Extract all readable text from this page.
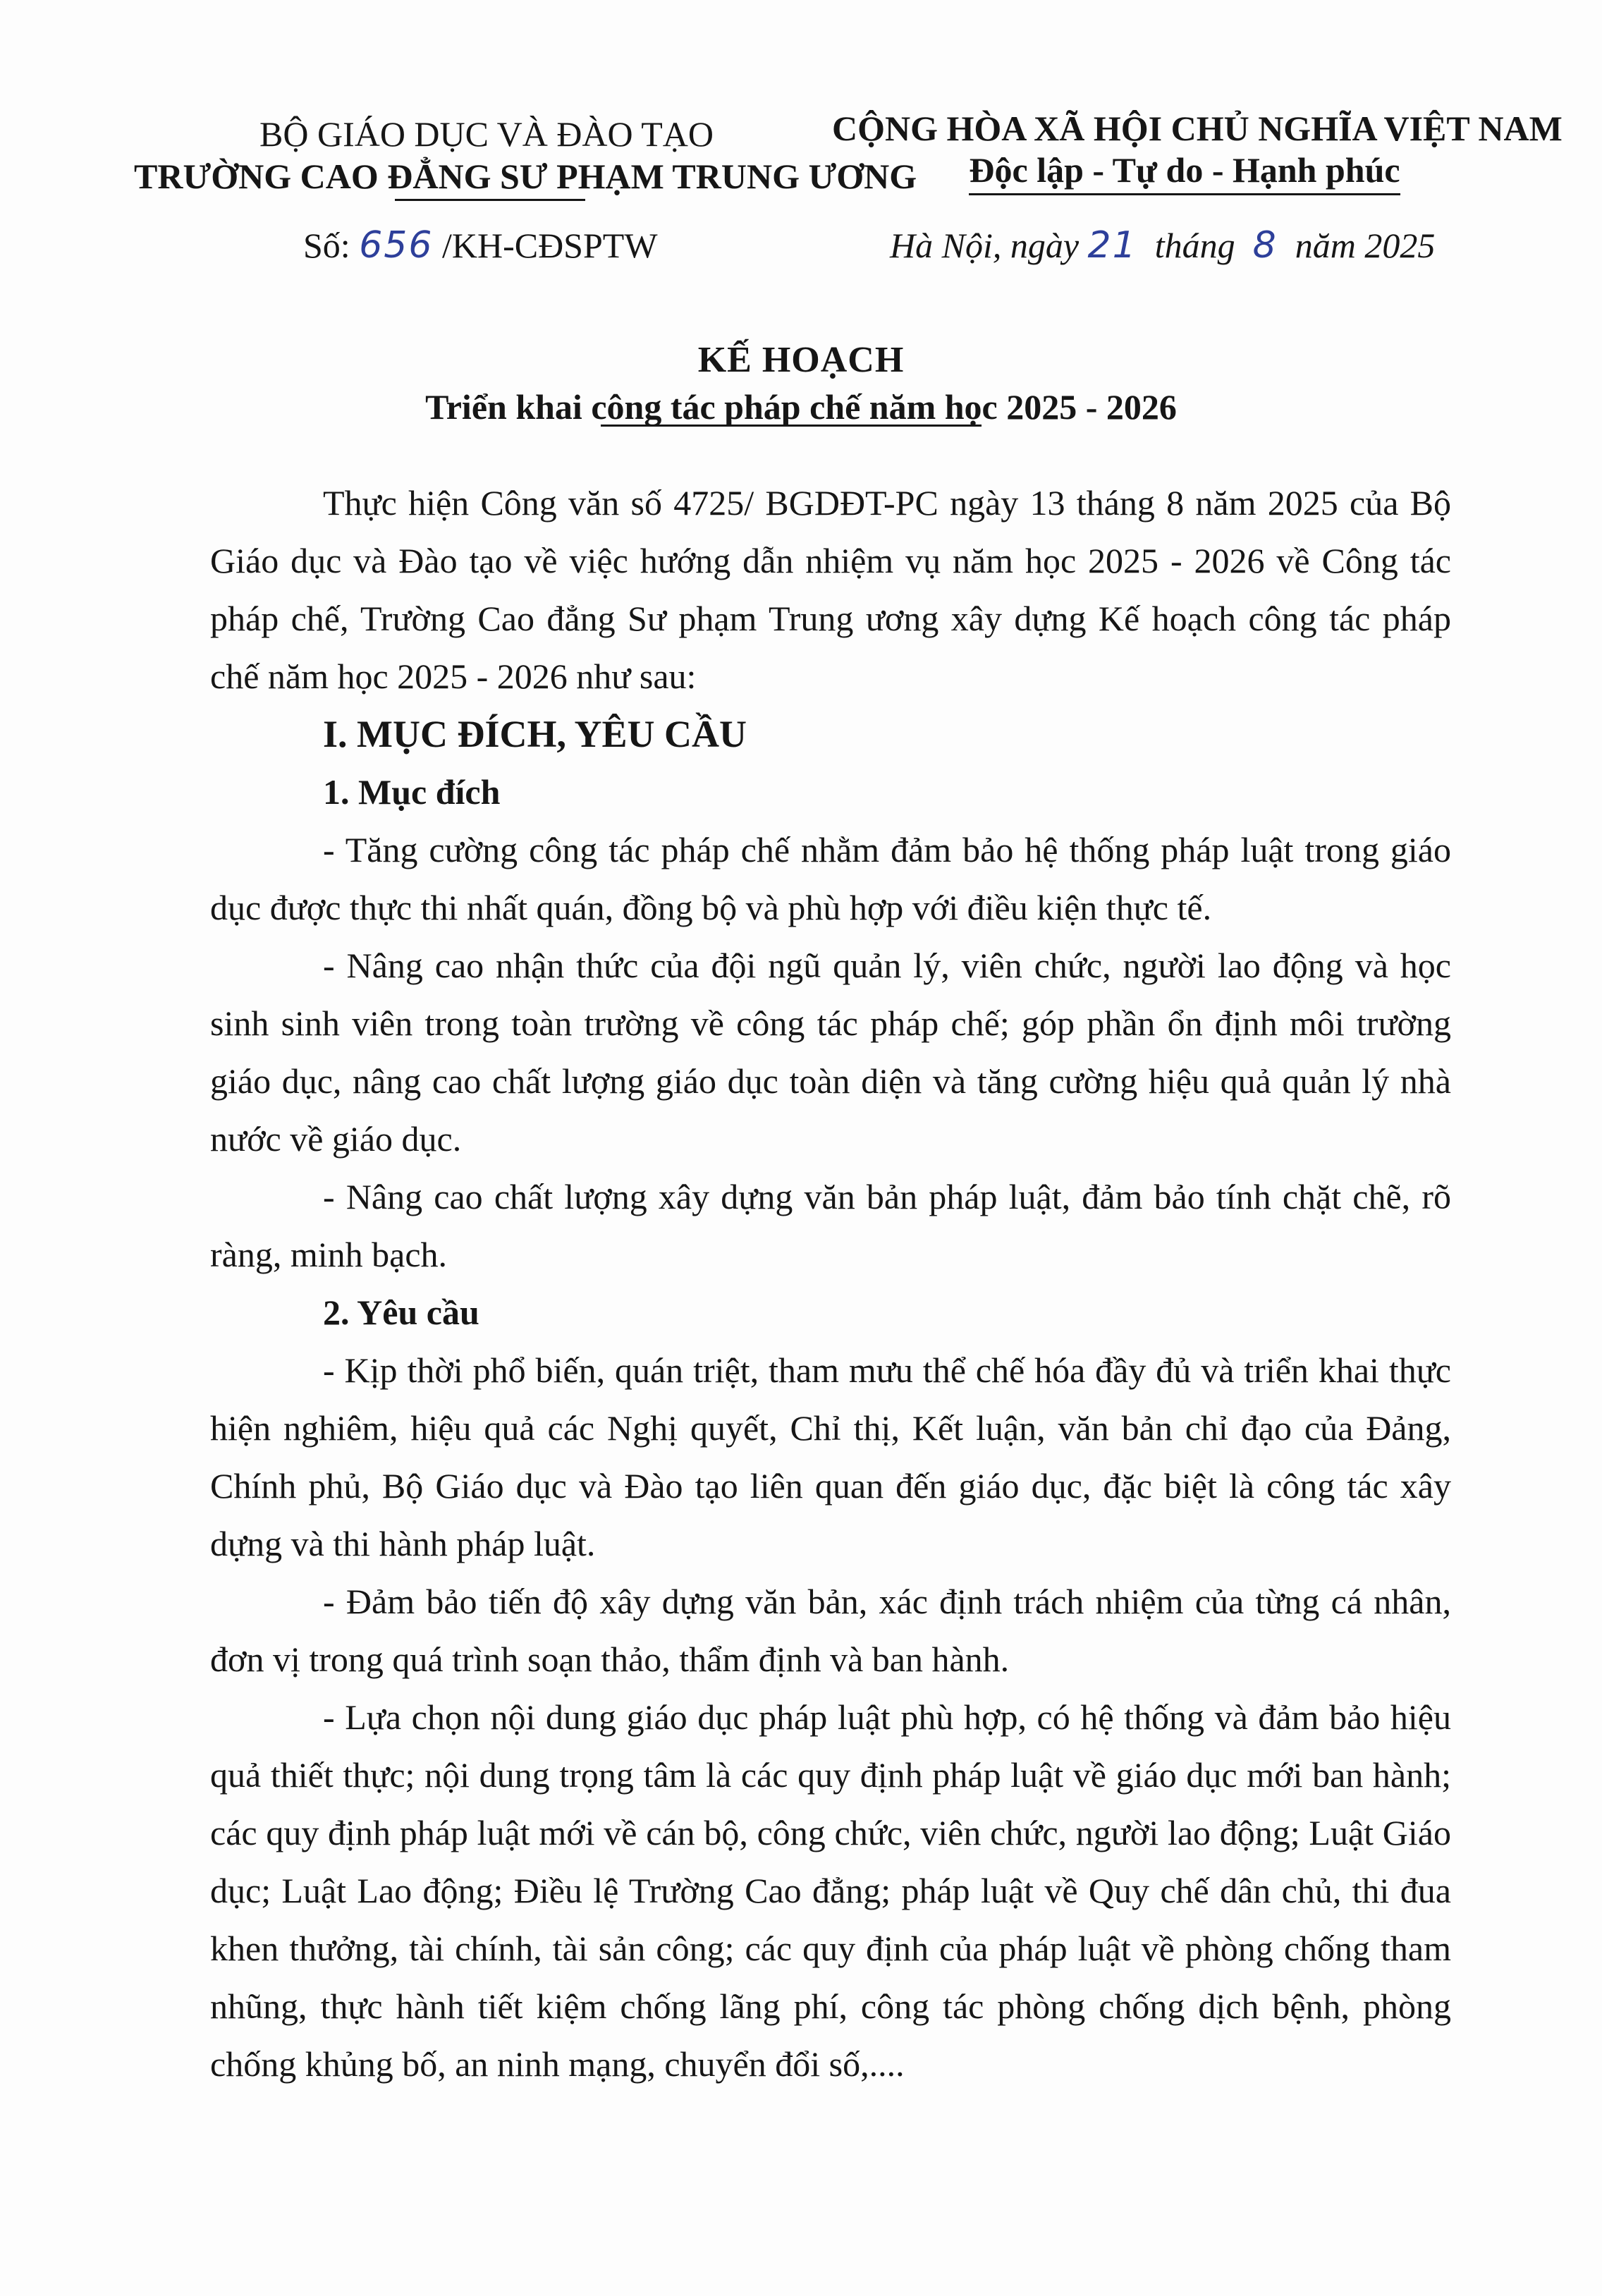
BỘ GIÁO DỤC VÀ ĐÀO TẠO
TRƯỜNG CAO ĐẲNG SƯ PHẠM TRUNG ƯƠNG
CỘNG HÒA XÃ HỘI CHỦ NGHĨA VIỆT NAM
Độc lập - Tự do - Hạnh phúc
Số: 656 /KH-CĐSPTW	Hà Nội, ngày 21  tháng  8  năm 2025
KẾ HOẠCH
Triển khai công tác pháp chế năm học 2025 - 2026

Thực hiện Công văn số 4725/ BGDĐT-PC ngày 13 tháng 8 năm 2025 của Bộ Giáo dục và Đào tạo về việc hướng dẫn nhiệm vụ năm học 2025 - 2026 về Công tác pháp chế, Trường Cao đẳng Sư phạm Trung ương xây dựng Kế hoạch công tác pháp chế năm học 2025 - 2026 như sau:

I. MỤC ĐÍCH, YÊU CẦU

1. Mục đích

- Tăng cường công tác pháp chế nhằm đảm bảo hệ thống pháp luật trong giáo dục được thực thi nhất quán, đồng bộ và phù hợp với điều kiện thực tế.

- Nâng cao nhận thức của đội ngũ quản lý, viên chức, người lao động và học sinh sinh viên trong toàn trường về công tác pháp chế; góp phần ổn định môi trường giáo dục, nâng cao chất lượng giáo dục toàn diện và tăng cường hiệu quả quản lý nhà nước về giáo dục.

- Nâng cao chất lượng xây dựng văn bản pháp luật, đảm bảo tính chặt chẽ, rõ ràng, minh bạch.

2. Yêu cầu

- Kịp thời phổ biến, quán triệt, tham mưu thể chế hóa đầy đủ và triển khai thực hiện nghiêm, hiệu quả các Nghị quyết, Chỉ thị, Kết luận, văn bản chỉ đạo của Đảng, Chính phủ, Bộ Giáo dục và Đào tạo liên quan đến giáo dục, đặc biệt là công tác xây dựng và thi hành pháp luật.

- Đảm bảo tiến độ xây dựng văn bản, xác định trách nhiệm của từng cá nhân, đơn vị trong quá trình soạn thảo, thẩm định và ban hành.

- Lựa chọn nội dung giáo dục pháp luật phù hợp, có hệ thống và đảm bảo hiệu quả thiết thực; nội dung trọng tâm là các quy định pháp luật về giáo dục mới ban hành; các quy định pháp luật mới về cán bộ, công chức, viên chức, người lao động; Luật Giáo dục; Luật Lao động; Điều lệ Trường Cao đẳng; pháp luật về Quy chế dân chủ, thi đua khen thưởng, tài chính, tài sản công; các quy định của pháp luật về phòng chống tham nhũng, thực hành tiết kiệm chống lãng phí, công tác phòng chống dịch bệnh, phòng chống khủng bố, an ninh mạng, chuyển đổi số,....
